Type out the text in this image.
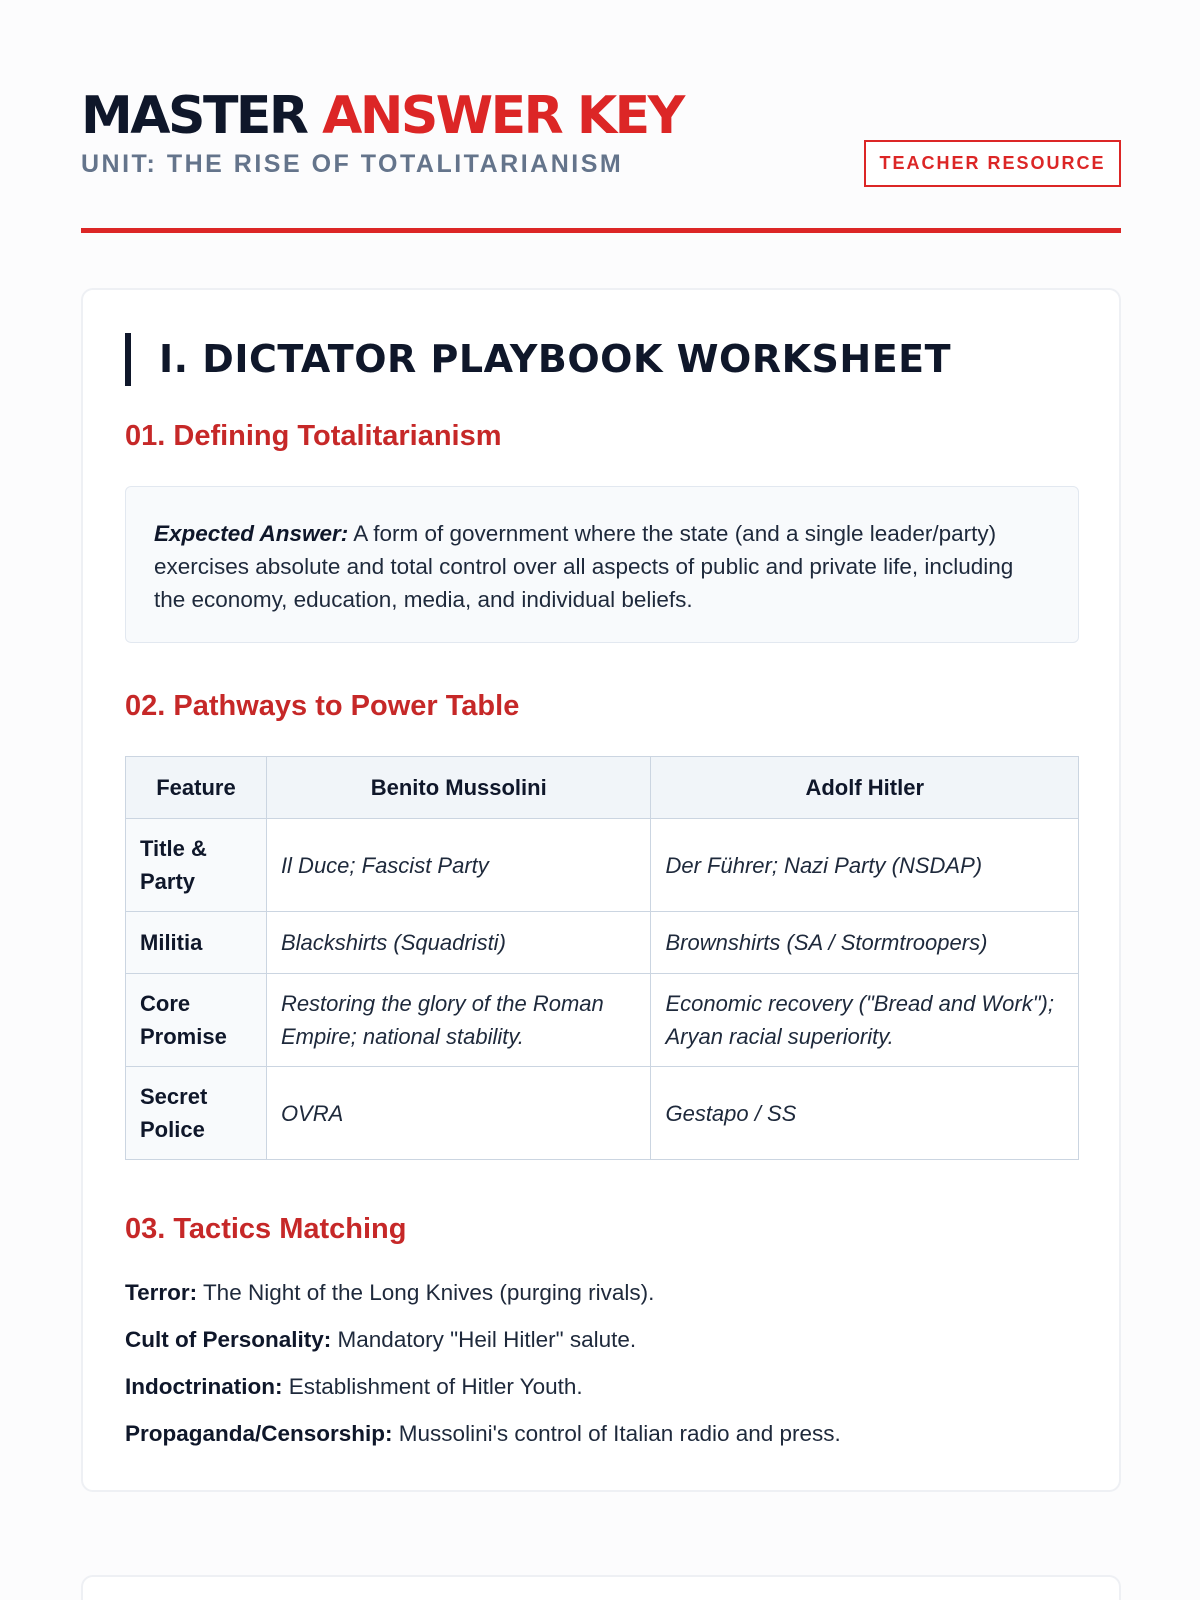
MASTER ANSWER KEY
UNIT: THE RISE OF TOTALITARIANISM	TEACHER RESOURCE
I. DICTATOR PLAYBOOK WORKSHEET
01. Defining Totalitarianism
Expected Answer: A form of government where the state (and a single leader/party) exercises absolute and total control over all aspects of public and private life, including the economy, education, media, and individual beliefs.
02. Pathways to Power Table
Feature	Benito Mussolini	Adolf Hitler
Title & Party	Il Duce; Fascist Party	Der Führer; Nazi Party (NSDAP)
Militia	Blackshirts (Squadristi)	Brownshirts (SA / Stormtroopers)
Core Promise	Restoring the glory of the Roman Empire; national stability.	Economic recovery ("Bread and Work"); Aryan racial superiority.
Secret Police	OVRA	Gestapo / SS
03. Tactics Matching
Terror: The Night of the Long Knives (purging rivals).
Cult of Personality: Mandatory "Heil Hitler" salute.
Indoctrination: Establishment of Hitler Youth.
Propaganda/Censorship: Mussolini's control of Italian radio and press.
